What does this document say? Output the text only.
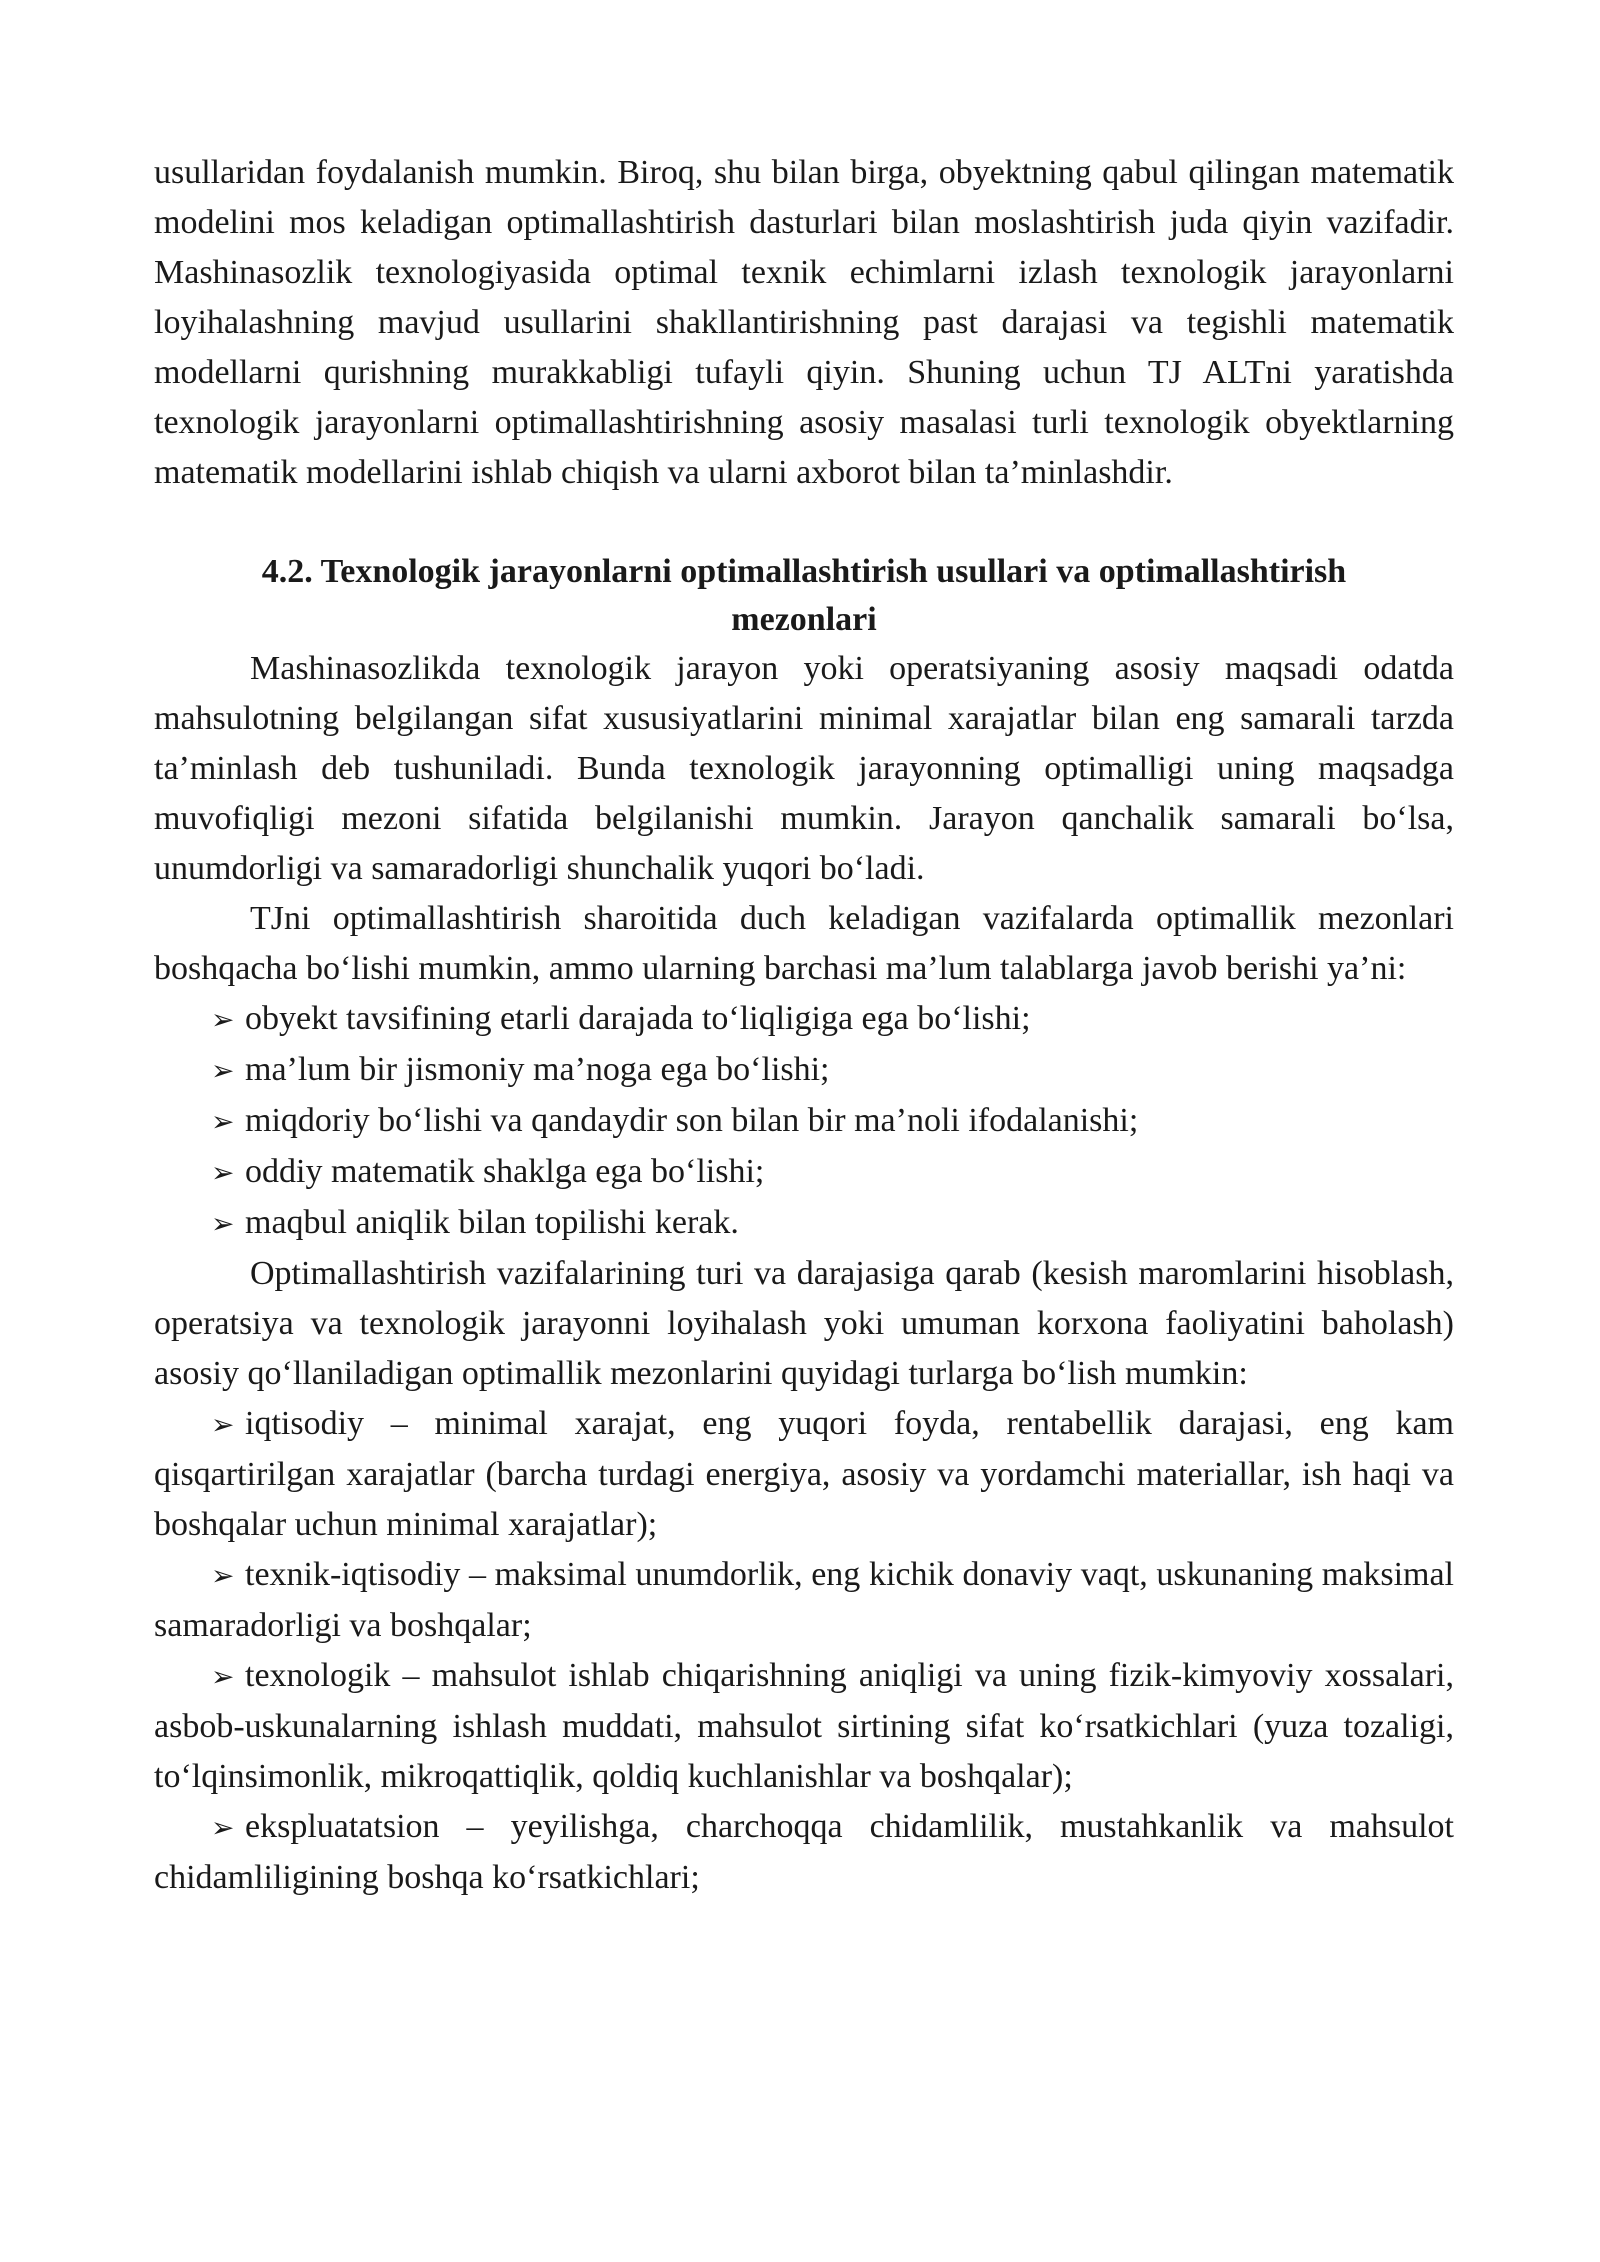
usullaridan foydalanish mumkin. Biroq, shu bilan birga, obyektning qabul qilingan matematik modelini mos keladigan optimallashtirish dasturlari bilan moslashtirish juda qiyin vazifadir. Mashinasozlik texnologiyasida optimal texnik echimlarni izlash texnologik jarayonlarni loyihalashning mavjud usullarini shakllantirishning past darajasi va tegishli matematik modellarni qurishning murakkabligi tufayli qiyin. Shuning uchun TJ ALTni yaratishda texnologik jarayonlarni optimallashtirishning asosiy masalasi turli texnologik obyektlarning matematik modellarini ishlab chiqish va ularni axborot bilan ta’minlashdir.

4.2. Texnologik jarayonlarni optimallashtirish usullari va optimallashtirish mezonlari

Mashinasozlikda texnologik jarayon yoki operatsiyaning asosiy maqsadi odatda mahsulotning belgilangan sifat xususiyatlarini minimal xarajatlar bilan eng samarali tarzda ta’minlash deb tushuniladi. Bunda texnologik jarayonning optimalligi uning maqsadga muvofiqligi mezoni sifatida belgilanishi mumkin. Jarayon qanchalik samarali bo‘lsa, unumdorligi va samaradorligi shunchalik yuqori bo‘ladi.

TJni optimallashtirish sharoitida duch keladigan vazifalarda optimallik mezonlari boshqacha bo‘lishi mumkin, ammo ularning barchasi ma’lum talablarga javob berishi ya’ni:

➢ obyekt tavsifining etarli darajada to‘liqligiga ega bo‘lishi;
➢ ma’lum bir jismoniy ma’noga ega bo‘lishi;
➢ miqdoriy bo‘lishi va qandaydir son bilan bir ma’noli ifodalanishi;
➢ oddiy matematik shaklga ega bo‘lishi;
➢ maqbul aniqlik bilan topilishi kerak.

Optimallashtirish vazifalarining turi va darajasiga qarab (kesish maromlarini hisoblash, operatsiya va texnologik jarayonni loyihalash yoki umuman korxona faoliyatini baholash) asosiy qo‘llaniladigan optimallik mezonlarini quyidagi turlarga bo‘lish mumkin:

➢ iqtisodiy – minimal xarajat, eng yuqori foyda, rentabellik darajasi, eng kam qisqartirilgan xarajatlar (barcha turdagi energiya, asosiy va yordamchi materiallar, ish haqi va boshqalar uchun minimal xarajatlar);

➢ texnik-iqtisodiy – maksimal unumdorlik, eng kichik donaviy vaqt, uskunaning maksimal samaradorligi va boshqalar;

➢ texnologik – mahsulot ishlab chiqarishning aniqligi va uning fizik-kimyoviy xossalari, asbob-uskunalarning ishlash muddati, mahsulot sirtining sifat ko‘rsatkichlari (yuza tozaligi, to‘lqinsimonlik, mikroqattiqlik, qoldiq kuchlanishlar va boshqalar);

➢ ekspluatatsion – yeyilishga, charchoqqa chidamlilik, mustahkanlik va mahsulot chidamliligining boshqa ko‘rsatkichlari;
